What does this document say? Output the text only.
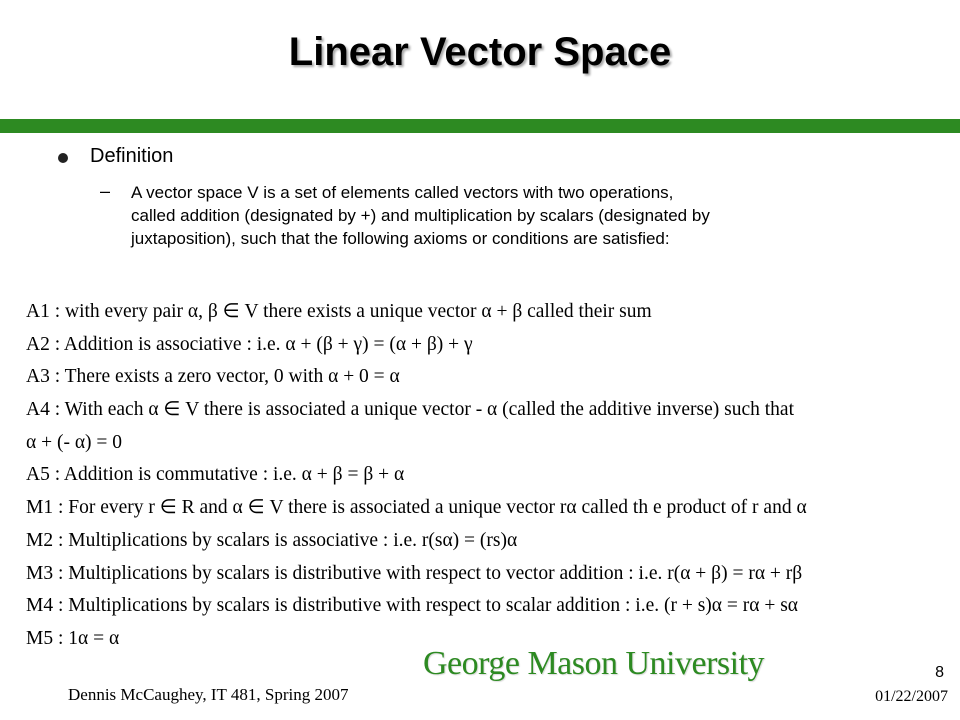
Linear Vector Space
Definition
– A vector space V is a set of elements called vectors with two operations,
called addition (designated by +) and multiplication by scalars (designated by
juxtaposition), such that the following axioms or conditions are satisfied:
A1 : with every pair α, β ∈ V there exists a unique vector α + β called their sum
A2 : Addition is associative : i.e. α + (β + γ) = (α + β) + γ
A3 : There exists a zero vector, 0 with α + 0 = α
A4 : With each α ∈ V there is associated a unique vector - α (called the additive inverse) such that
α + (- α) = 0
A5 : Addition is commutative : i.e. α + β = β + α
M1 : For every r ∈ R and α ∈ V there is associated a unique vector rα called th e product of r and α
M2 : Multiplications by scalars is associative : i.e. r(sα) = (rs)α
M3 : Multiplications by scalars is distributive with respect to vector addition : i.e. r(α + β) = rα + rβ
M4 : Multiplications by scalars is distributive with respect to scalar addition : i.e. (r + s)α = rα + sα
M5 : 1α = α
George Mason University	8
Dennis McCaughey, IT 481, Spring 2007	01/22/2007
